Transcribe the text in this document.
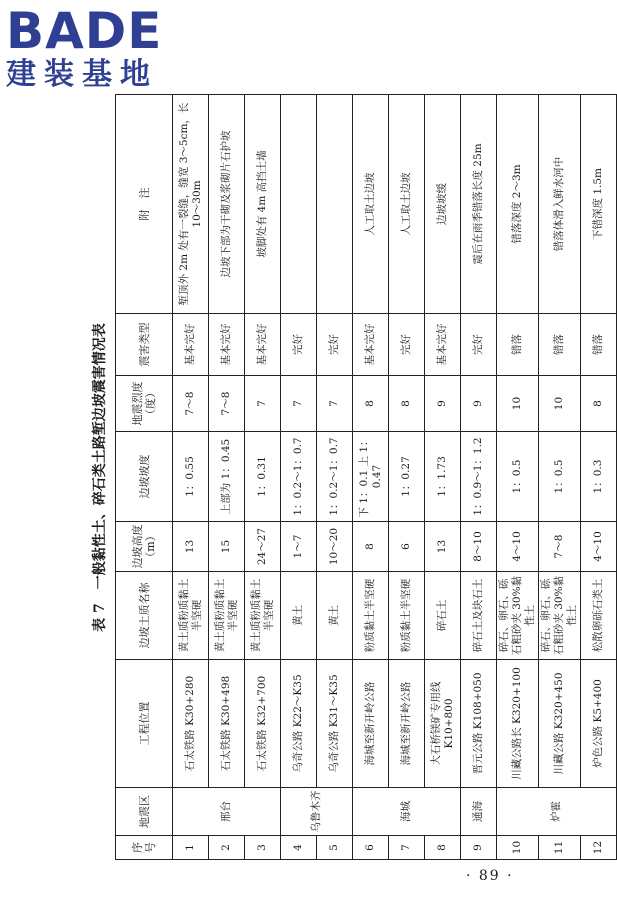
BADE
建装基地
表 7　一般黏性土、碎石类土路堑边坡震害情况表
序号	地震区	工程位置	边坡土质名称	边坡高度（m）	边坡坡度	地震烈度（度）	震害类型	附　注
1	邢台	石太铁路 K30+280	黄土质粉质黏土半坚硬	13	1：0.55	7～8	基本完好	堑顶外 2m 处有一裂缝，缝宽 3～5cm，长 10～30m
2		石太铁路 K30+498	黄土质粉质黏土半坚硬	15	上部为 1：0.45	7～8	基本完好	边坡下部为干砌及浆砌片石护坡
3		石太铁路 K32+700	黄土质粉质黏土半坚硬	24～27	1：0.31	7	基本完好	坡脚处有 4m 高挡土墙
4	乌鲁木齐	乌奇公路 K22～K35	黄土	1～7	1：0.2～1：0.7	7	完好	
5		乌奇公路 K31～K35	黄土	10～20	1：0.2～1：0.7	7	完好	
6	海城	海城至新开岭公路	粉质黏土半坚硬	8	下 1：0.1 上 1：0.47	8	基本完好	人工取土边坡
7		海城至新开岭公路	粉质黏土半坚硬	6	1：0.27	8	完好	人工取土边坡
8		大石桥镁矿专用线 K10+800	碎石土	13	1：1.73	9	基本完好	边坡坡缓
9	通海	晋元公路 K108+050	碎石土及块石土	8～10	1：0.9～1：1.2	9	完好	震后在雨季错落长度 25m
10	炉霍	川藏公路长 K320+100	碎石、卵石、砾石粗砂夹 30%黏性土	4～10	1：0.5	10	错落	错落深度 2～3m
11		川藏公路 K320+450	碎石、卵石、砾石粗砂夹 30%黏性土	7～8	1：0.5	10	错落	错落体滑入鲜水河中
12		炉色公路 K5+400	松散卵砾石类土	4～10	1：0.3	8	错落	下错深度 1.5m
· 89 ·
